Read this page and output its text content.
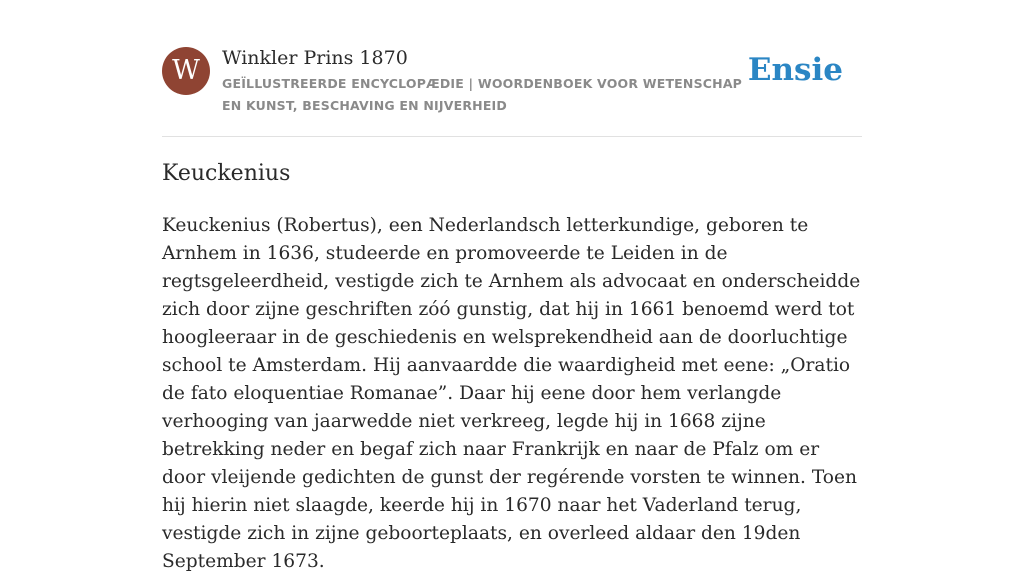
W	Winkler Prins 1870
GEÏLLUSTREERDE ENCYCLOPÆDIE | WOORDENBOEK VOOR WETENSCHAP EN KUNST, BESCHAVING EN NIJVERHEID
Ensie
Keuckenius

Keuckenius (Robertus), een Nederlandsch letterkundige, geboren te Arnhem in 1636, studeerde en promoveerde te Leiden in de regtsgeleerdheid, vestigde zich te Arnhem als advocaat en onderscheidde zich door zijne geschriften zóó gunstig, dat hij in 1661 benoemd werd tot hoogleeraar in de geschiedenis en welsprekendheid aan de doorluchtige school te Amsterdam. Hij aanvaardde die waardigheid met eene: „Oratio de fato eloquentiae Romanae”. Daar hij eene door hem verlangde verhooging van jaarwedde niet verkreeg, legde hij in 1668 zijne betrekking neder en begaf zich naar Frankrijk en naar de Pfalz om er door vleijende gedichten de gunst der regérende vorsten te winnen. Toen hij hierin niet slaagde, keerde hij in 1670 naar het Vaderland terug, vestigde zich in zijne geboorteplaats, en overleed aldaar den 19den September 1673.
